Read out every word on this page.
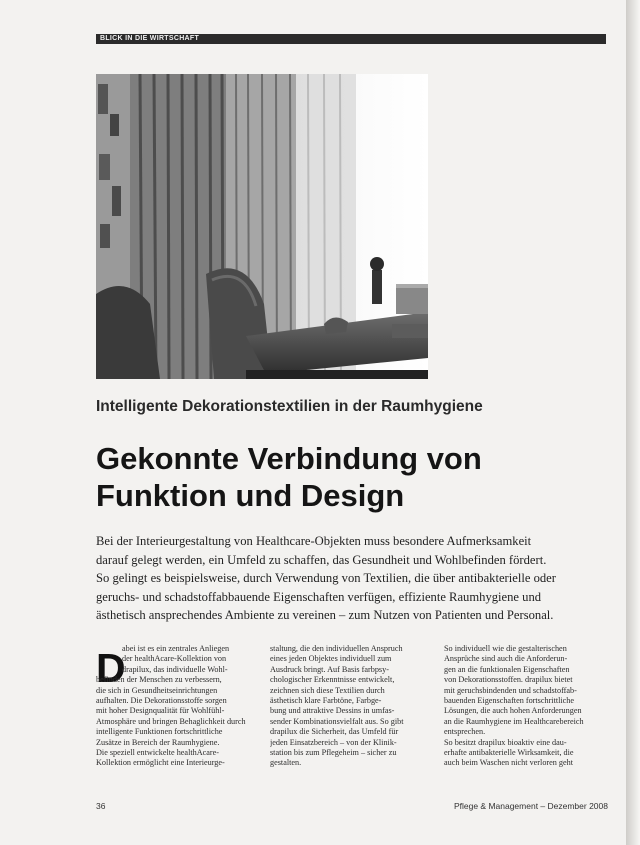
BLICK IN DIE WIRTSCHAFT
Intelligente Dekorationstextilien in der Raumhygiene
Gekonnte Verbindung von
Funktion und Design
Bei der Interieurgestaltung von Healthcare-Objekten muss besondere Aufmerksamkeit
darauf gelegt werden, ein Umfeld zu schaffen, das Gesundheit und Wohlbefinden fördert.
So gelingt es beispielsweise, durch Verwendung von Textilien, die über antibakterielle oder
geruchs- und schadstoffabbauende Eigenschaften verfügen, effiziente Raumhygiene und
ästhetisch ansprechendes Ambiente zu vereinen – zum Nutzen von Patienten und Personal.
D
abei ist es ein zentrales Anliegen
der healthAcare-Kollektion von
drapilux, das individuelle Wohl-
befinden der Menschen zu verbessern,
die sich in Gesundheitseinrichtungen
aufhalten. Die Dekorationsstoffe sorgen
mit hoher Designqualität für Wohlfühl-
Atmosphäre und bringen Behaglichkeit durch
intelligente Funktionen fortschrittliche
Zusätze in Bereich der Raumhygiene.
Die speziell entwickelte healthAcare-
Kollektion ermöglicht eine Interieurge-
staltung, die den individuellen Anspruch
eines jeden Objektes individuell zum
Ausdruck bringt. Auf Basis farbpsy-
chologischer Erkenntnisse entwickelt,
zeichnen sich diese Textilien durch
ästhetisch klare Farbtöne, Farbge-
bung und attraktive Dessins in umfas-
sender Kombinationsvielfalt aus. So gibt
drapilux die Sicherheit, das Umfeld für
jeden Einsatzbereich – von der Klinik-
station bis zum Pflegeheim – sicher zu
gestalten.
So individuell wie die gestalterischen
Ansprüche sind auch die Anforderun-
gen an die funktionalen Eigenschaften
von Dekorationsstoffen. drapilux bietet
mit geruchsbindenden und schadstoffab-
bauenden Eigenschaften fortschrittliche
Lösungen, die auch hohen Anforderungen
an die Raumhygiene im Healthcarebereich
entsprechen.
So besitzt drapilux bioaktiv eine dau-
erhafte antibakterielle Wirksamkeit, die
auch beim Waschen nicht verloren geht
36	Pflege & Management – Dezember 2008
